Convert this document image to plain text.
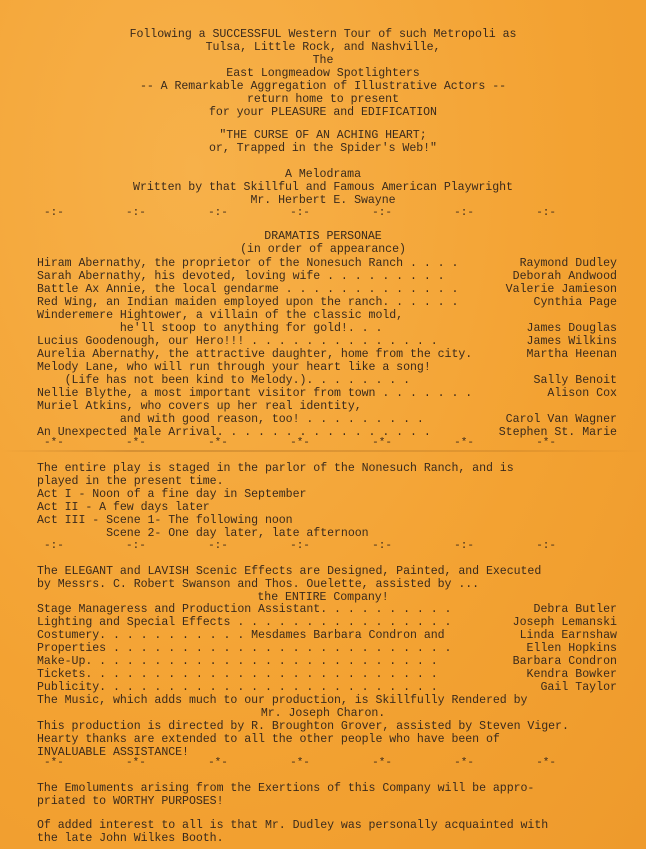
Following a SUCCESSFUL Western Tour of such Metropoli as
Tulsa, Little Rock, and Nashville,
The
East Longmeadow Spotlighters
-- A Remarkable Aggregation of Illustrative Actors --
return home to present
for your PLEASURE and EDIFICATION
"THE CURSE OF AN ACHING HEART;
or, Trapped in the Spider's Web!"
A Melodrama
Written by that Skillful and Famous American Playwright
Mr. Herbert E. Swayne
-:-	-:-	-:-	-:-	-:-	-:-	-:-
DRAMATIS PERSONAE
(in order of appearance)
Hiram Abernathy, the proprietor of the Nonesuch Ranch . . . .	Raymond Dudley
Sarah Abernathy, his devoted, loving wife . . . . . . . . .	Deborah Andwood
Battle Ax Annie, the local gendarme . . . . . . . . . . . . .	Valerie Jamieson
Red Wing, an Indian maiden employed upon the ranch. . . . . .	Cynthia Page
Winderemere Hightower, a villain of the classic mold,
he'll stoop to anything for gold!. . .	James Douglas
Lucius Goodenough, our Hero!!! . . . . . . . . . . . . . .	James Wilkins
Aurelia Abernathy, the attractive daughter, home from the city.	Martha Heenan
Melody Lane, who will run through your heart like a song!
(Life has not been kind to Melody.). . . . . . . .	Sally Benoit
Nellie Blythe, a most important visitor from town . . . . . . .	Alison Cox
Muriel Atkins, who covers up her real identity,
and with good reason, too! . . . . . . . . .	Carol Van Wagner
An Unexpected Male Arrival. . . . . . . . . . . . . . . .	Stephen St. Marie
-*-	-*-	-*-	-*-	-*-	-*-	-*-
The entire play is staged in the parlor of the Nonesuch Ranch, and is
played in the present time.
Act I - Noon of a fine day in September
Act II - A few days later
Act III - Scene 1- The following noon
Scene 2- One day later, late afternoon
-:-	-:-	-:-	-:-	-:-	-:-	-:-
The ELEGANT and LAVISH Scenic Effects are Designed, Painted, and Executed
by Messrs. C. Robert Swanson and Thos. Ouelette, assisted by ...
the ENTIRE Company!
Stage Manageress and Production Assistant. . . . . . . . . .	Debra Butler
Lighting and Special Effects . . . . . . . . . . . . . . . .	Joseph Lemanski
Costumery. . . . . . . . . . . Mesdames Barbara Condron and	Linda Earnshaw
Properties . . . . . . . . . . . . . . . . . . . . . . . . .	Ellen Hopkins
Make-Up. . . . . . . . . . . . . . . . . . . . . . . . . .	Barbara Condron
Tickets. . . . . . . . . . . . . . . . . . . . . . . . . .	Kendra Bowker
Publicity. . . . . . . . . . . . . . . . . . . . . . . . .	Gail Taylor
The Music, which adds much to our production, is Skillfully Rendered by
Mr. Joseph Charon.
This production is directed by R. Broughton Grover, assisted by Steven Viger.
Hearty thanks are extended to all the other people who have been of
INVALUABLE ASSISTANCE!
-*-	-*-	-*-	-*-	-*-	-*-	-*-
The Emoluments arising from the Exertions of this Company will be appro-
priated to WORTHY PURPOSES!
Of added interest to all is that Mr. Dudley was personally acquainted with
the late John Wilkes Booth.
